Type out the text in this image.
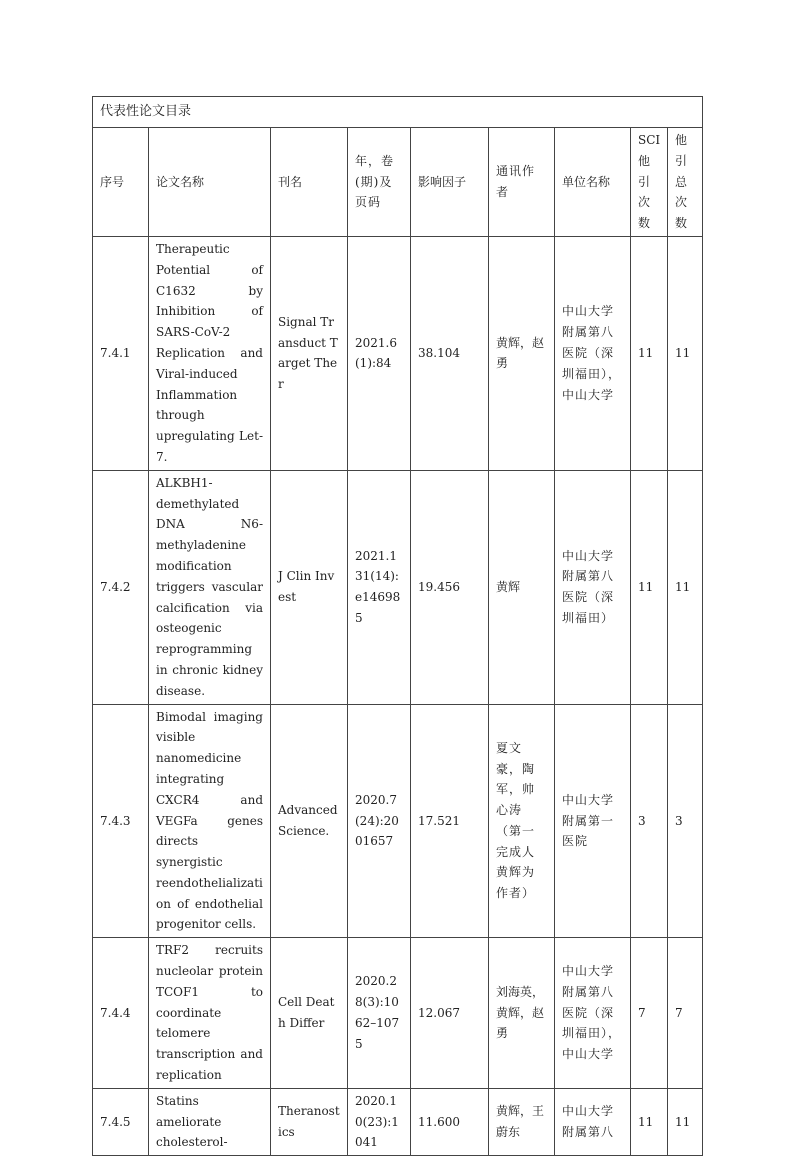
代表性论文目录								
序号	论文名称	刊名	年，卷(期)及页码	影响因子	通讯作者	单位名称	SCI他引次数	他引总次数
7.4.1	Therapeutic Potential of C1632 by Inhibition of SARS-CoV-2 Replication and Viral-induced Inflammation through upregulating Let-7.	Signal Transduct Target Ther	2021.6(1):84	38.104	黄辉，赵勇	中山大学附属第八医院（深圳福田），中山大学	11	11
7.4.2	ALKBH1-demethylated DNA N6-methyladenine modification triggers vascular calcification via osteogenic reprogramming in chronic kidney disease.	J Clin Invest	2021.131(14):e146985	19.456	黄辉	中山大学附属第八医院（深圳福田）	11	11
7.4.3	Bimodal imaging visible nanomedicine integrating CXCR4 and VEGFa genes directs synergistic reendothelialization of endothelial progenitor cells.	Advanced Science.	2020.7(24):2001657	17.521	夏文豪，陶军，帅心涛（第一完成人黄辉为作者）	中山大学附属第一医院	3	3
7.4.4	TRF2 recruits nucleolar protein TCOF1 to coordinate telomere transcription and replication	Cell Death Differ	2020.28(3):1062–1075	12.067	刘海英，黄辉，赵勇	中山大学附属第八医院（深圳福田），中山大学	7	7
7.4.5	Statins ameliorate cholesterol-	Theranostics	2020.10(23):1041	11.600	黄辉，王蔚东	中山大学附属第八	11	11
